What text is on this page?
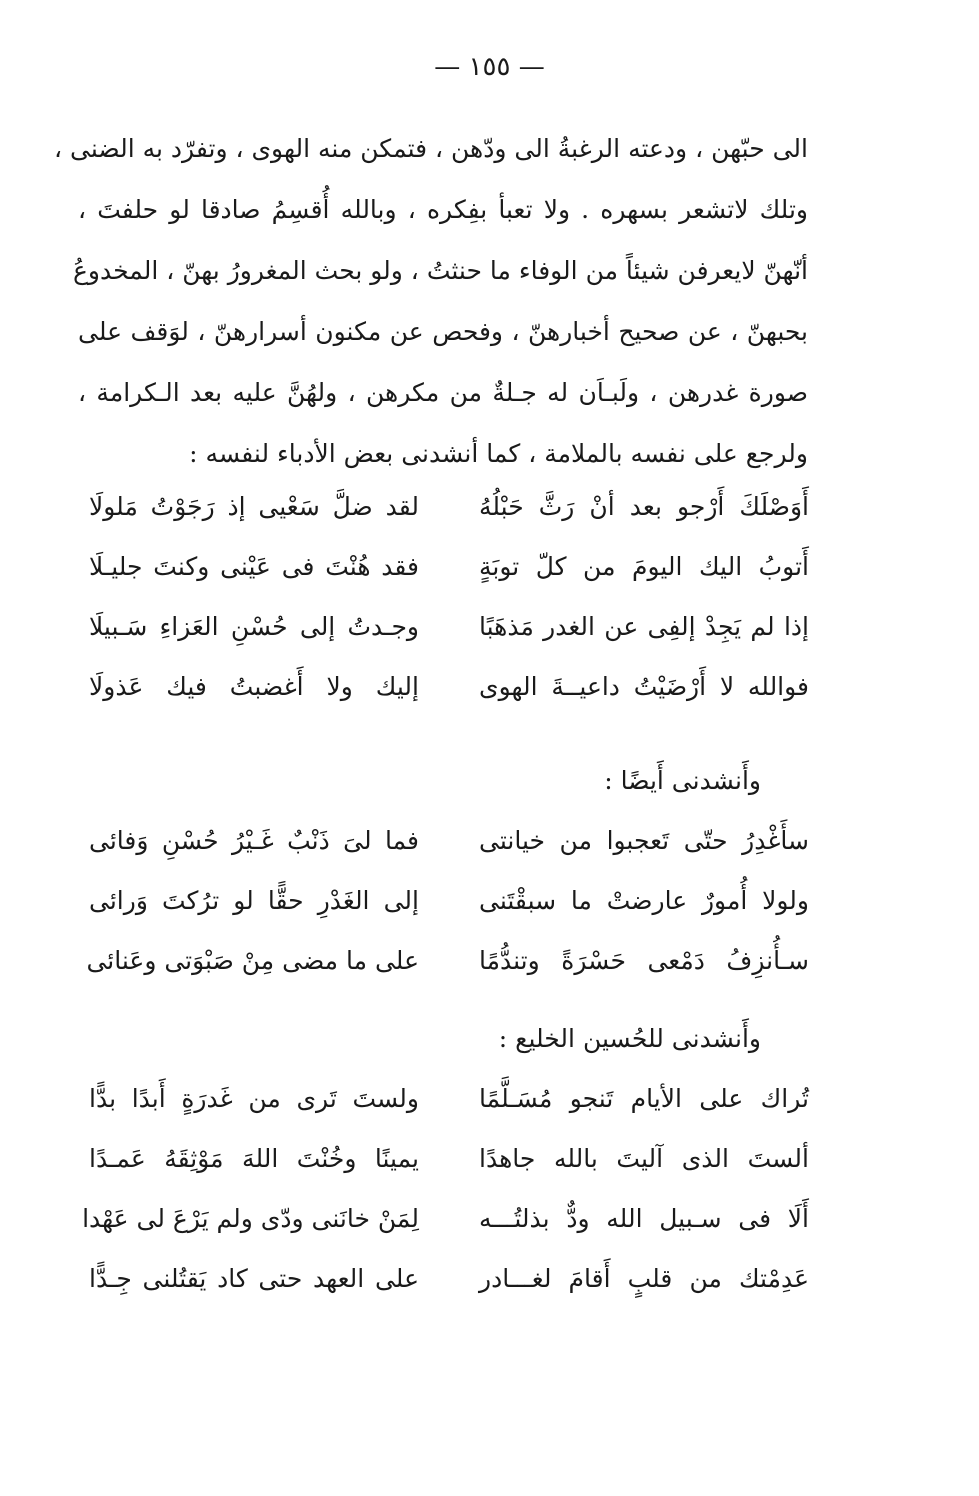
— ١٥٥ —
الى حبّهن ، ودعته الرغبةُ الى ودّهن ، فتمكن منه الهوى ، وتفرّد به الضنى ،
وتلك لاتشعر بسهره . ولا تعبأ بفِكره ، وبالله أُقسِمُ صادقا لو حلفتَ ،
أنّهنّ لايعرفن شيئاً من الوفاء ما حنثتُ ، ولو بحث المغرورُ بهنّ ، المخدوعُ
بحبهنّ ، عن صحيح أخبارهنّ ، وفحص عن مكنون أسرارهنّ ، لوَقف على
صورة غدرهن ، ولَبـاَن له جـلةٌ من مكرهن ، ولهُنَّ عليه بعد الـكرامة ،
ولرجع على نفسه بالملامة ، كما أنشدنى بعض الأدباء لنفسه :
أَوَصْلَكَ أَرْجو بعد أنْ رَثَّ حَبْلُهُ
لقد ضلَّ سَعْيى إذ رَجَوْتُ مَلولَا
أَتوبُ اليك اليومَ من كلّ توبَةٍ
فقد هُنْتَ فى عَيْنى وكنتَ جليـلَا
إذا لم يَجِدْ إلفِى عن الغدر مَذهَبًا
وجـدتُ إلى حُسْنِ العَزاءِ سَـبيلَا
فوالله لا أَرْضَيْتُ داعيــةَ الهوى
إليك ولا أَغضبتُ فيك عَذولَا
وأَنشدنى أَيضًا :
سأَغْدِرُ حتّى تَعجبوا من خيانتى
فما لىَ ذَنْبٌ غَـيْرُ حُسْنِ وَفائى
ولولا أُمورٌ عارضتْ ما سبقْتَنى
إلى الغَدْرِ حقًّا لو ترُكتَ وَرائى
سـأُنزِفُ دَمْعى حَسْرَةً وتندُّمًا
على ما مضى مِنْ صَبْوَتى وعَنائى
وأَنشدنى للحُسين الخليع :
تُراك على الأيام تَنجو مُسَـلَّمًا
ولستَ تَرى من غَدرَةٍ أَبدًا بدًّا
ألستَ الذى آليتَ بالله جاهدًا
يمينًا وخُنْتَ اللهَ مَوْثِقَهُ عَمـدًا
أَلَا فى سـبيل الله ودٌّ بذلتُـــه
لِمَنْ خانَنى ودّى ولم يَرْعَ لى عَهْدا
عَدِمْتك من قلبٍ أَقامَ لغـــادر
على العهد حتى كاد يَقتُلنى جِـدًّا
